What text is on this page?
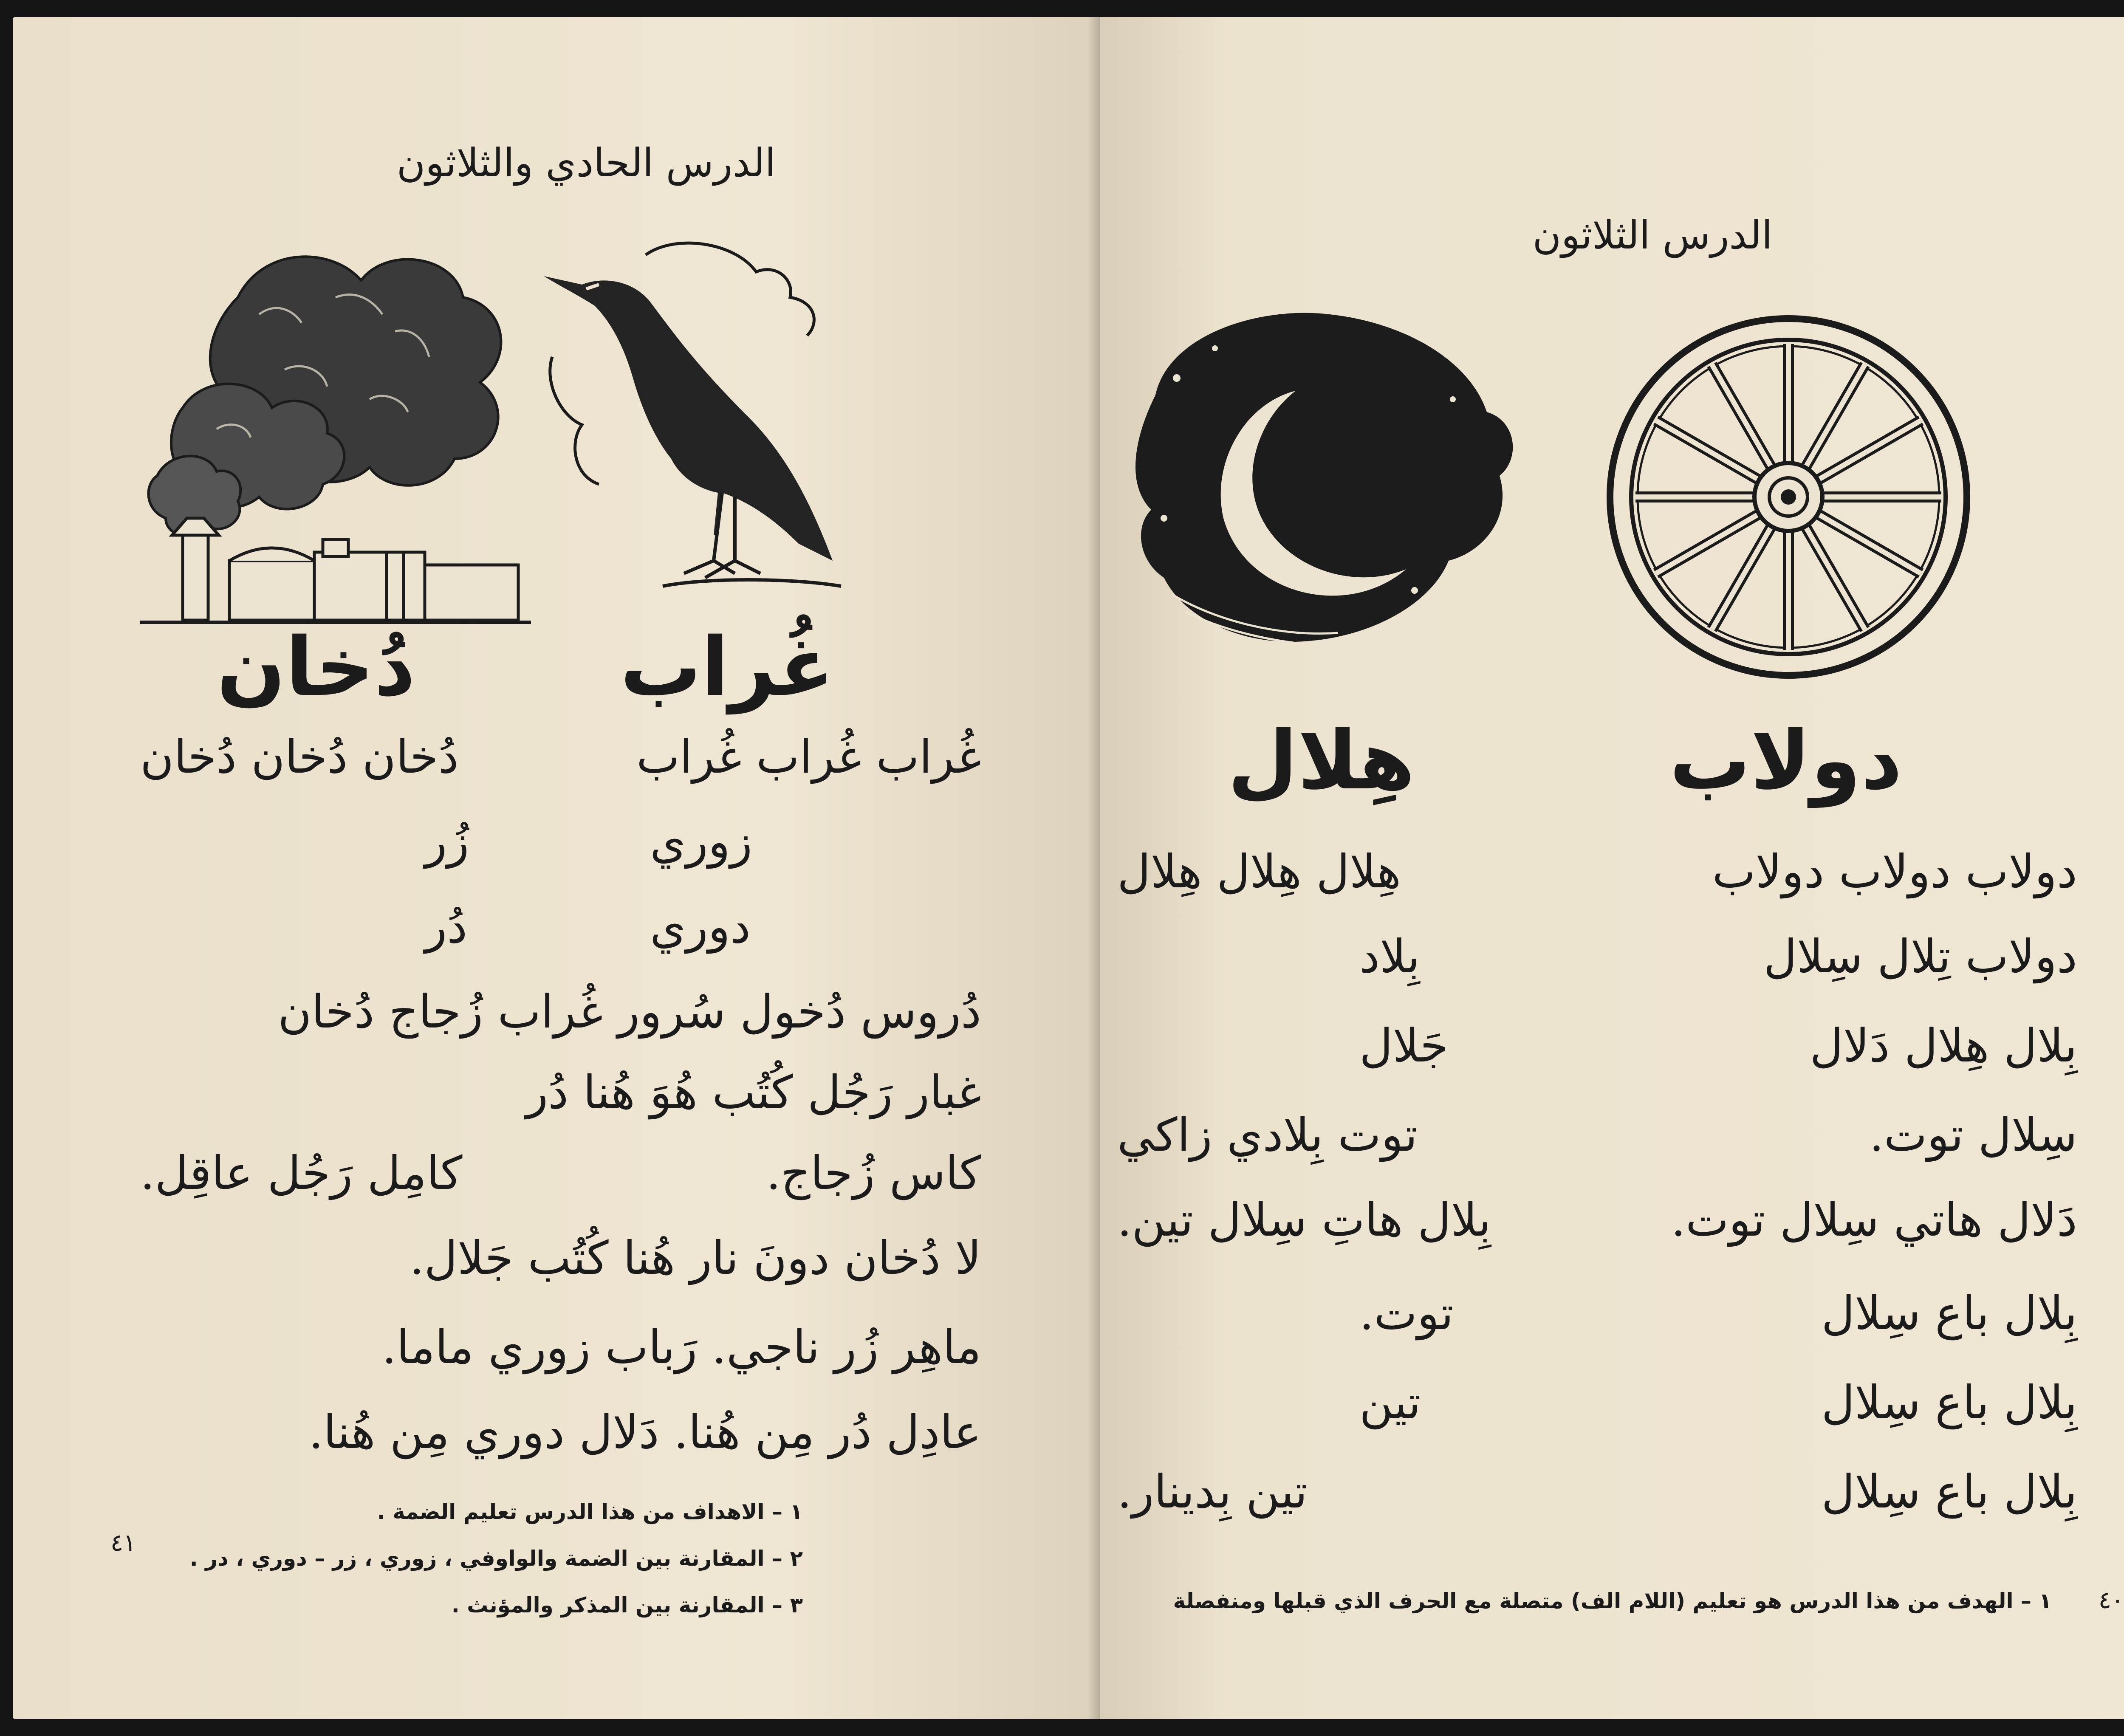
الدرس الحادي والثلاثون
غُراب
دُخان
غُراب غُراب غُراب
دُخان دُخان دُخان
زوري
زُر
دوري
دُر
دُروس دُخول سُرور غُراب زُجاج دُخان
غبار رَجُل كُتُب هُوَ هُنا دُر
كاس زُجاج.
كامِل رَجُل عاقِل.
لا دُخان دونَ نار هُنا كُتُب جَلال.
ماهِر زُر ناجي. رَباب زوري ماما.
عادِل دُر مِن هُنا. دَلال دوري مِن هُنا.
١ – الاهداف من هذا الدرس تعليم الضمة .
٢ – المقارنة بين الضمة والواوفي ، زوري ، زر – دوري ، در .
٣ – المقارنة بين المذكر والمؤنث .
٤١
الدرس الثلاثون
دولاب
هِلال
دولاب دولاب دولاب
هِلال هِلال هِلال
دولاب تِلال سِلال
بِلاد
بِلال هِلال دَلال
جَلال
سِلال توت.
توت بِلادي زاكي
دَلال هاتي سِلال توت.
بِلال هاتِ سِلال تين.
بِلال باع سِلال
توت.
بِلال باع سِلال
تين
بِلال باع سِلال
تين بِدينار.
١ – الهدف من هذا الدرس هو تعليم (اللام الف) متصلة مع الحرف الذي قبلها ومنفصلة ٤٠
